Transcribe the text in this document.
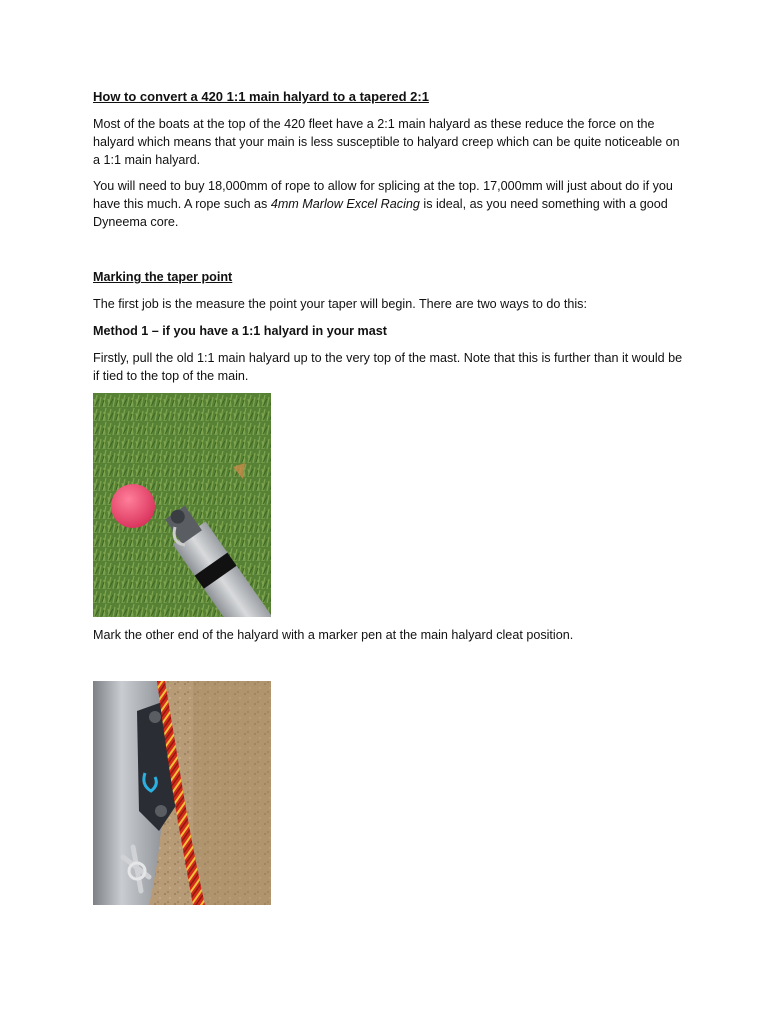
How to convert a 420 1:1 main halyard to a tapered 2:1

Most of the boats at the top of the 420 fleet have a 2:1 main halyard as these reduce the force on the halyard which means that your main is less susceptible to halyard creep which can be quite noticeable on a 1:1 main halyard.

You will need to buy 18,000mm of rope to allow for splicing at the top. 17,000mm will just about do if you have this much. A rope such as 4mm Marlow Excel Racing is ideal, as you need something with a good Dyneema core.

Marking the taper point

The first job is the measure the point your taper will begin. There are two ways to do this:

Method 1 – if you have a 1:1 halyard in your mast

Firstly, pull the old 1:1 main halyard up to the very top of the mast. Note that this is further than it would be if tied to the top of the main.

Mark the other end of the halyard with a marker pen at the main halyard cleat position.
